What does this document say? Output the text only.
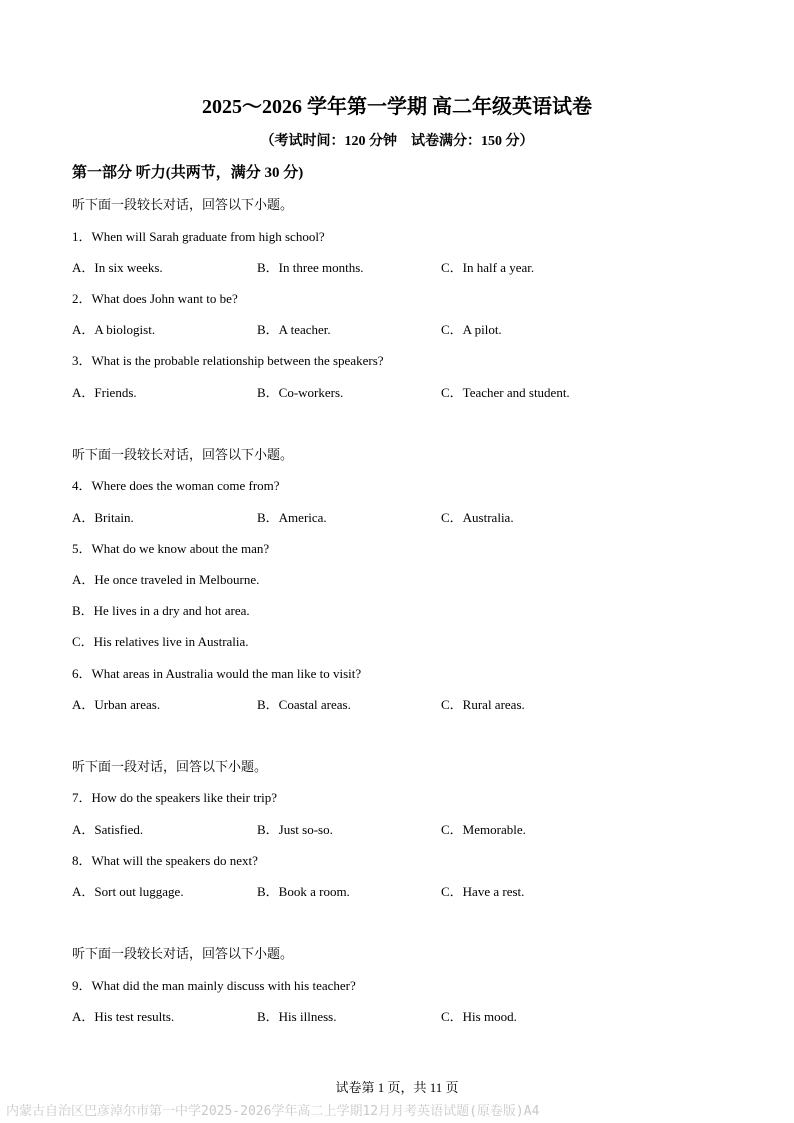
2025～2026 学年第一学期 高二年级英语试卷
（考试时间：120 分钟　试卷满分：150 分）
第一部分 听力(共两节，满分 30 分)
听下面一段较长对话，回答以下小题。
1．When will Sarah graduate from high school?
A．In six weeks.	B．In three months.	C．In half a year.
2．What does John want to be?
A．A biologist.	B．A teacher.	C．A pilot.
3．What is the probable relationship between the speakers?
A．Friends.	B．Co-workers.	C．Teacher and student.
听下面一段较长对话，回答以下小题。
4．Where does the woman come from?
A．Britain.	B．America.	C．Australia.
5．What do we know about the man?
A．He once traveled in Melbourne.
B．He lives in a dry and hot area.
C．His relatives live in Australia.
6．What areas in Australia would the man like to visit?
A．Urban areas.	B．Coastal areas.	C．Rural areas.
听下面一段对话，回答以下小题。
7．How do the speakers like their trip?
A．Satisfied.	B．Just so-so.	C．Memorable.
8．What will the speakers do next?
A．Sort out luggage.	B．Book a room.	C．Have a rest.
听下面一段较长对话，回答以下小题。
9．What did the man mainly discuss with his teacher?
A．His test results.	B．His illness.	C．His mood.
试卷第 1 页，共 11 页
内蒙古自治区巴彦淖尔市第一中学2025-2026学年高二上学期12月月考英语试题(原卷版)A4
